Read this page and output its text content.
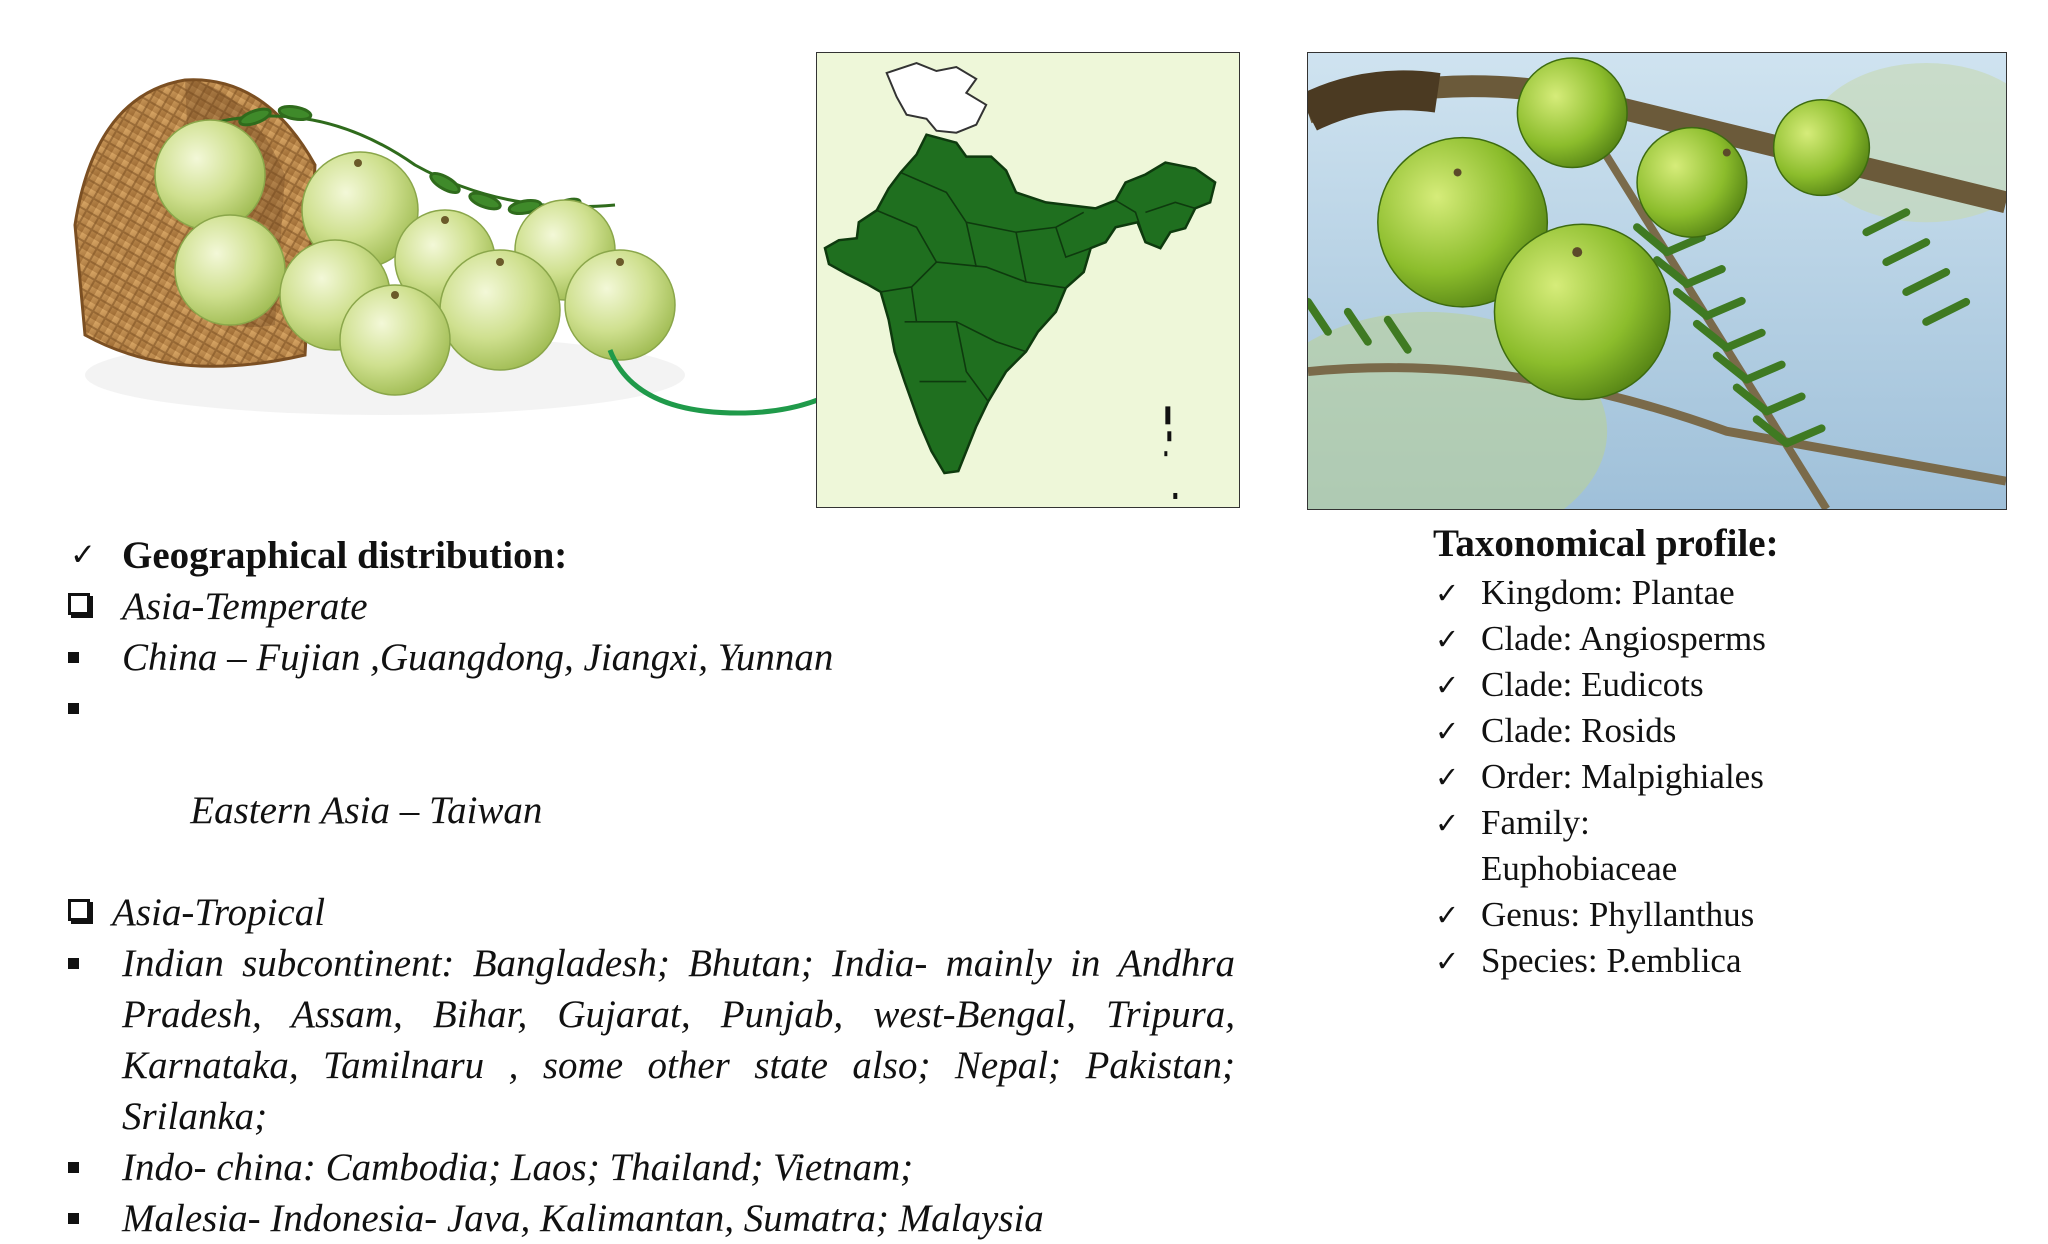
✓ Geographical distribution:
Asia-Temperate
China – Fujian ,Guangdong, Jiangxi, Yunnan

Eastern Asia – Taiwan

Asia-Tropical
Indian subcontinent: Bangladesh; Bhutan; India- mainly in Andhra Pradesh, Assam, Bihar, Gujarat, Punjab, west-Bengal, Tripura, Karnataka, Tamilnaru , some other state also; Nepal; Pakistan; Srilanka;
Indo- china: Cambodia; Laos; Thailand; Vietnam;
Malesia- Indonesia- Java, Kalimantan, Sumatra; Malaysia
Taxonomical profile:
✓ Kingdom: Plantae
✓ Clade: Angiosperms
✓ Clade: Eudicots
✓ Clade: Rosids
✓ Order: Malpighiales
✓ Family: Euphobiaceae
✓ Genus: Phyllanthus
✓ Species: P.emblica
